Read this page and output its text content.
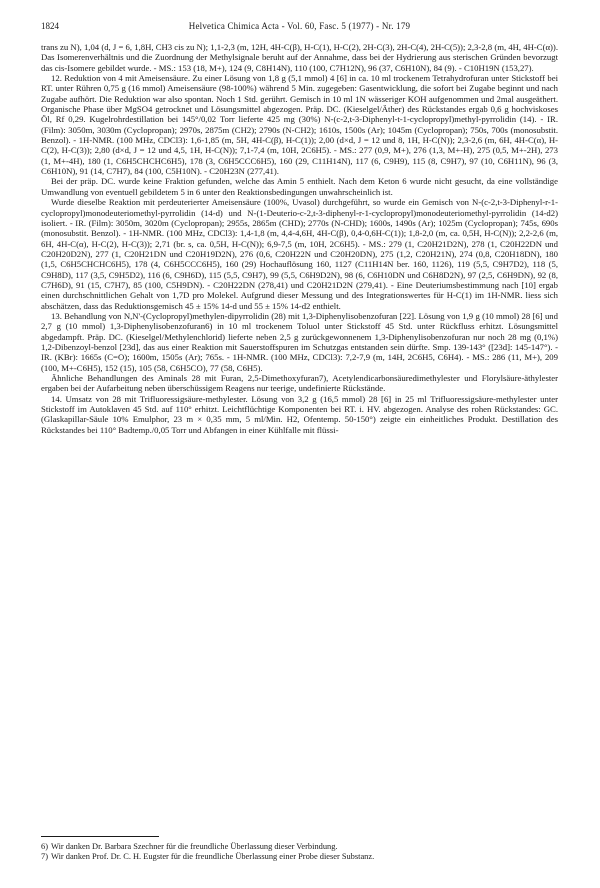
1824	Helvetica Chimica Acta - Vol. 60, Fasc. 5 (1977) - Nr. 179

trans zu N), 1,04 (d, J = 6, 1,8H, CH3 cis zu N); 1,1-2,3 (m, 12H, 4H-C(β), H-C(1), H-C(2), 2H-C(3), 2H-C(4), 2H-C(5)); 2,3-2,8 (m, 4H, 4H-C(α)). Das Isomerenverhältnis und die Zuordnung der Methylsignale beruht auf der Annahme, dass bei der Hydrierung aus sterischen Gründen bevorzugt das cis-Isomere gebildet wurde. - MS.: 153 (18, M+), 124 (9, C8H14N), 110 (100, C7H12N), 96 (37, C6H10N), 84 (9). - C10H19N (153,27).

12. Reduktion von 4 mit Ameisensäure. Zu einer Lösung von 1,8 g (5,1 mmol) 4 [6] in ca. 10 ml trockenem Tetrahydrofuran unter Stickstoff bei RT. unter Rühren 0,75 g (16 mmol) Ameisensäure (98-100%) während 5 Min. zugegeben: Gasentwicklung, die sofort bei Zugabe beginnt und nach Zugabe aufhört. Die Reduktion war also spontan. Noch 1 Std. gerührt. Gemisch in 10 ml 1N wässeriger KOH aufgenommen und 2mal ausgeäthert. Organische Phase über MgSO4 getrocknet und Lösungsmittel abgezogen. Präp. DC. (Kieselgel/Äther) des Rückstandes ergab 0,6 g hochviskoses Öl, Rf 0,29. Kugelrohrdestillation bei 145°/0,02 Torr lieferte 425 mg (30%) N-(c-2,t-3-Diphenyl-t-1-cyclopropyl)methyl-pyrrolidin (14). - IR. (Film): 3050m, 3030m (Cyclopropan); 2970s, 2875m (CH2); 2790s (N-CH2); 1610s, 1500s (Ar); 1045m (Cyclopropan); 750s, 700s (monosubstit. Benzol). - 1H-NMR. (100 MHz, CDCl3): 1,6-1,85 (m, 5H, 4H-C(β), H-C(1)); 2,00 (d×d, J = 12 und 8, 1H, H-C(N)); 2,3-2,6 (m, 6H, 4H-C(α), H-C(2), H-C(3)); 2,80 (d×d, J = 12 und 4,5, 1H, H-C(N)); 7,1-7,4 (m, 10H, 2C6H5). - MS.: 277 (0,9, M+), 276 (1,3, M+-H), 275 (0,5, M+-2H), 273 (1, M+-4H), 180 (1, C6H5CHCHC6H5), 178 (3, C6H5CCC6H5), 160 (29, C11H14N), 117 (6, C9H9), 115 (8, C9H7), 97 (10, C6H11N), 96 (3, C6H10N), 91 (14, C7H7), 84 (100, C5H10N). - C20H23N (277,41).

Bei der präp. DC. wurde keine Fraktion gefunden, welche das Amin 5 enthielt. Nach dem Keton 6 wurde nicht gesucht, da eine vollständige Umwandlung von eventuell gebildetem 5 in 6 unter den Reaktionsbedingungen unwahrscheinlich ist.

Wurde dieselbe Reaktion mit perdeuterierter Ameisensäure (100%, Uvasol) durchgeführt, so wurde ein Gemisch von N-(c-2,t-3-Diphenyl-r-1-cyclopropyl)monodeuteriomethyl-pyrrolidin (14-d) und N-(1-Deuterio-c-2,t-3-diphenyl-r-1-cyclopropyl)monodeuteriomethyl-pyrrolidin (14-d2) isoliert. - IR. (Film): 3050m, 3020m (Cyclopropan); 2955s, 2865m (CHD); 2770s (N-CHD); 1600s, 1490s (Ar); 1025m (Cyclopropan); 745s, 690s (monosubstit. Benzol). - 1H-NMR. (100 MHz, CDCl3): 1,4-1,8 (m, 4,4-4,6H, 4H-C(β), 0,4-0,6H-C(1)); 1,8-2,0 (m, ca. 0,5H, H-C(N)); 2,2-2,6 (m, 6H, 4H-C(α), H-C(2), H-C(3)); 2,71 (br. s, ca. 0,5H, H-C(N)); 6,9-7,5 (m, 10H, 2C6H5). - MS.: 279 (1, C20H21D2N), 278 (1, C20H22DN und C20H20D2N), 277 (1, C20H21DN und C20H19D2N), 276 (0,6, C20H22N und C20H20DN), 275 (1,2, C20H21N), 274 (0,8, C20H18DN), 180 (1,5, C6H5CHCHC6H5), 178 (4, C6H5CCC6H5), 160 (29) Hochauflösung 160, 1127 (C11H14N ber. 160, 1126), 119 (5,5, C9H7D2), 118 (5, C9H8D), 117 (3,5, C9H5D2), 116 (6, C9H6D), 115 (5,5, C9H7), 99 (5,5, C6H9D2N), 98 (6, C6H10DN und C6H8D2N), 97 (2,5, C6H9DN), 92 (8, C7H6D), 91 (15, C7H7), 85 (100, C5H9DN). - C20H22DN (278,41) und C20H21D2N (279,41). - Eine Deuteriumsbestimmung nach [10] ergab einen durchschnittlichen Gehalt von 1,7D pro Molekel. Aufgrund dieser Messung und des Integrationswertes für H-C(1) im 1H-NMR. liess sich abschätzen, dass das Reduktionsgemisch 45 ± 15% 14-d und 55 ± 15% 14-d2 enthielt.

13. Behandlung von N,N'-(Cyclopropyl)methylen-dipyrrolidin (28) mit 1,3-Diphenylisobenzofuran [22]. Lösung von 1,9 g (10 mmol) 28 [6] und 2,7 g (10 mmol) 1,3-Diphenylisobenzofuran6) in 10 ml trockenem Toluol unter Stickstoff 45 Std. unter Rückfluss erhitzt. Lösungsmittel abgedampft. Präp. DC. (Kieselgel/Methylenchlorid) lieferte neben 2,5 g zurückgewonnenem 1,3-Diphenylisobenzofuran nur noch 28 mg (0,1%) 1,2-Dibenzoyl-benzol [23d], das aus einer Reaktion mit Sauerstoffspuren im Schutzgas entstanden sein dürfte. Smp. 139-143° ([23d]: 145-147°). - IR. (KBr): 1665s (C=O); 1600m, 1505s (Ar); 765s. - 1H-NMR. (100 MHz, CDCl3): 7,2-7,9 (m, 14H, 2C6H5, C6H4). - MS.: 286 (11, M+), 209 (100, M+-C6H5), 152 (15), 105 (58, C6H5CO), 77 (58, C6H5).

Ähnliche Behandlungen des Aminals 28 mit Furan, 2,5-Dimethoxyfuran7), Acetylendicarbonsäuredimethylester und Florylsäure-äthylester ergaben bei der Aufarbeitung neben überschüssigem Reagens nur teerige, undefinierte Rückstände.

14. Umsatz von 28 mit Trifluoressigsäure-methylester. Lösung von 3,2 g (16,5 mmol) 28 [6] in 25 ml Trifluoressigsäure-methylester unter Stickstoff im Autoklaven 45 Std. auf 110° erhitzt. Leichtflüchtige Komponenten bei RT. i. HV. abgezogen. Analyse des rohen Rückstandes: GC. (Glaskapillar-Säule 10% Emulphor, 23 m × 0,35 mm, 5 ml/Min. H2, Ofentemp. 50-150°) zeigte ein einheitliches Produkt. Destillation des Rückstandes bei 110° Badtemp./0,05 Torr und Abfangen in einer Kühlfalle mit flüssi-

6) Wir danken Dr. Barbara Szechner für die freundliche Überlassung dieser Verbindung.
7) Wir danken Prof. Dr. C. H. Eugster für die freundliche Überlassung einer Probe dieser Substanz.
